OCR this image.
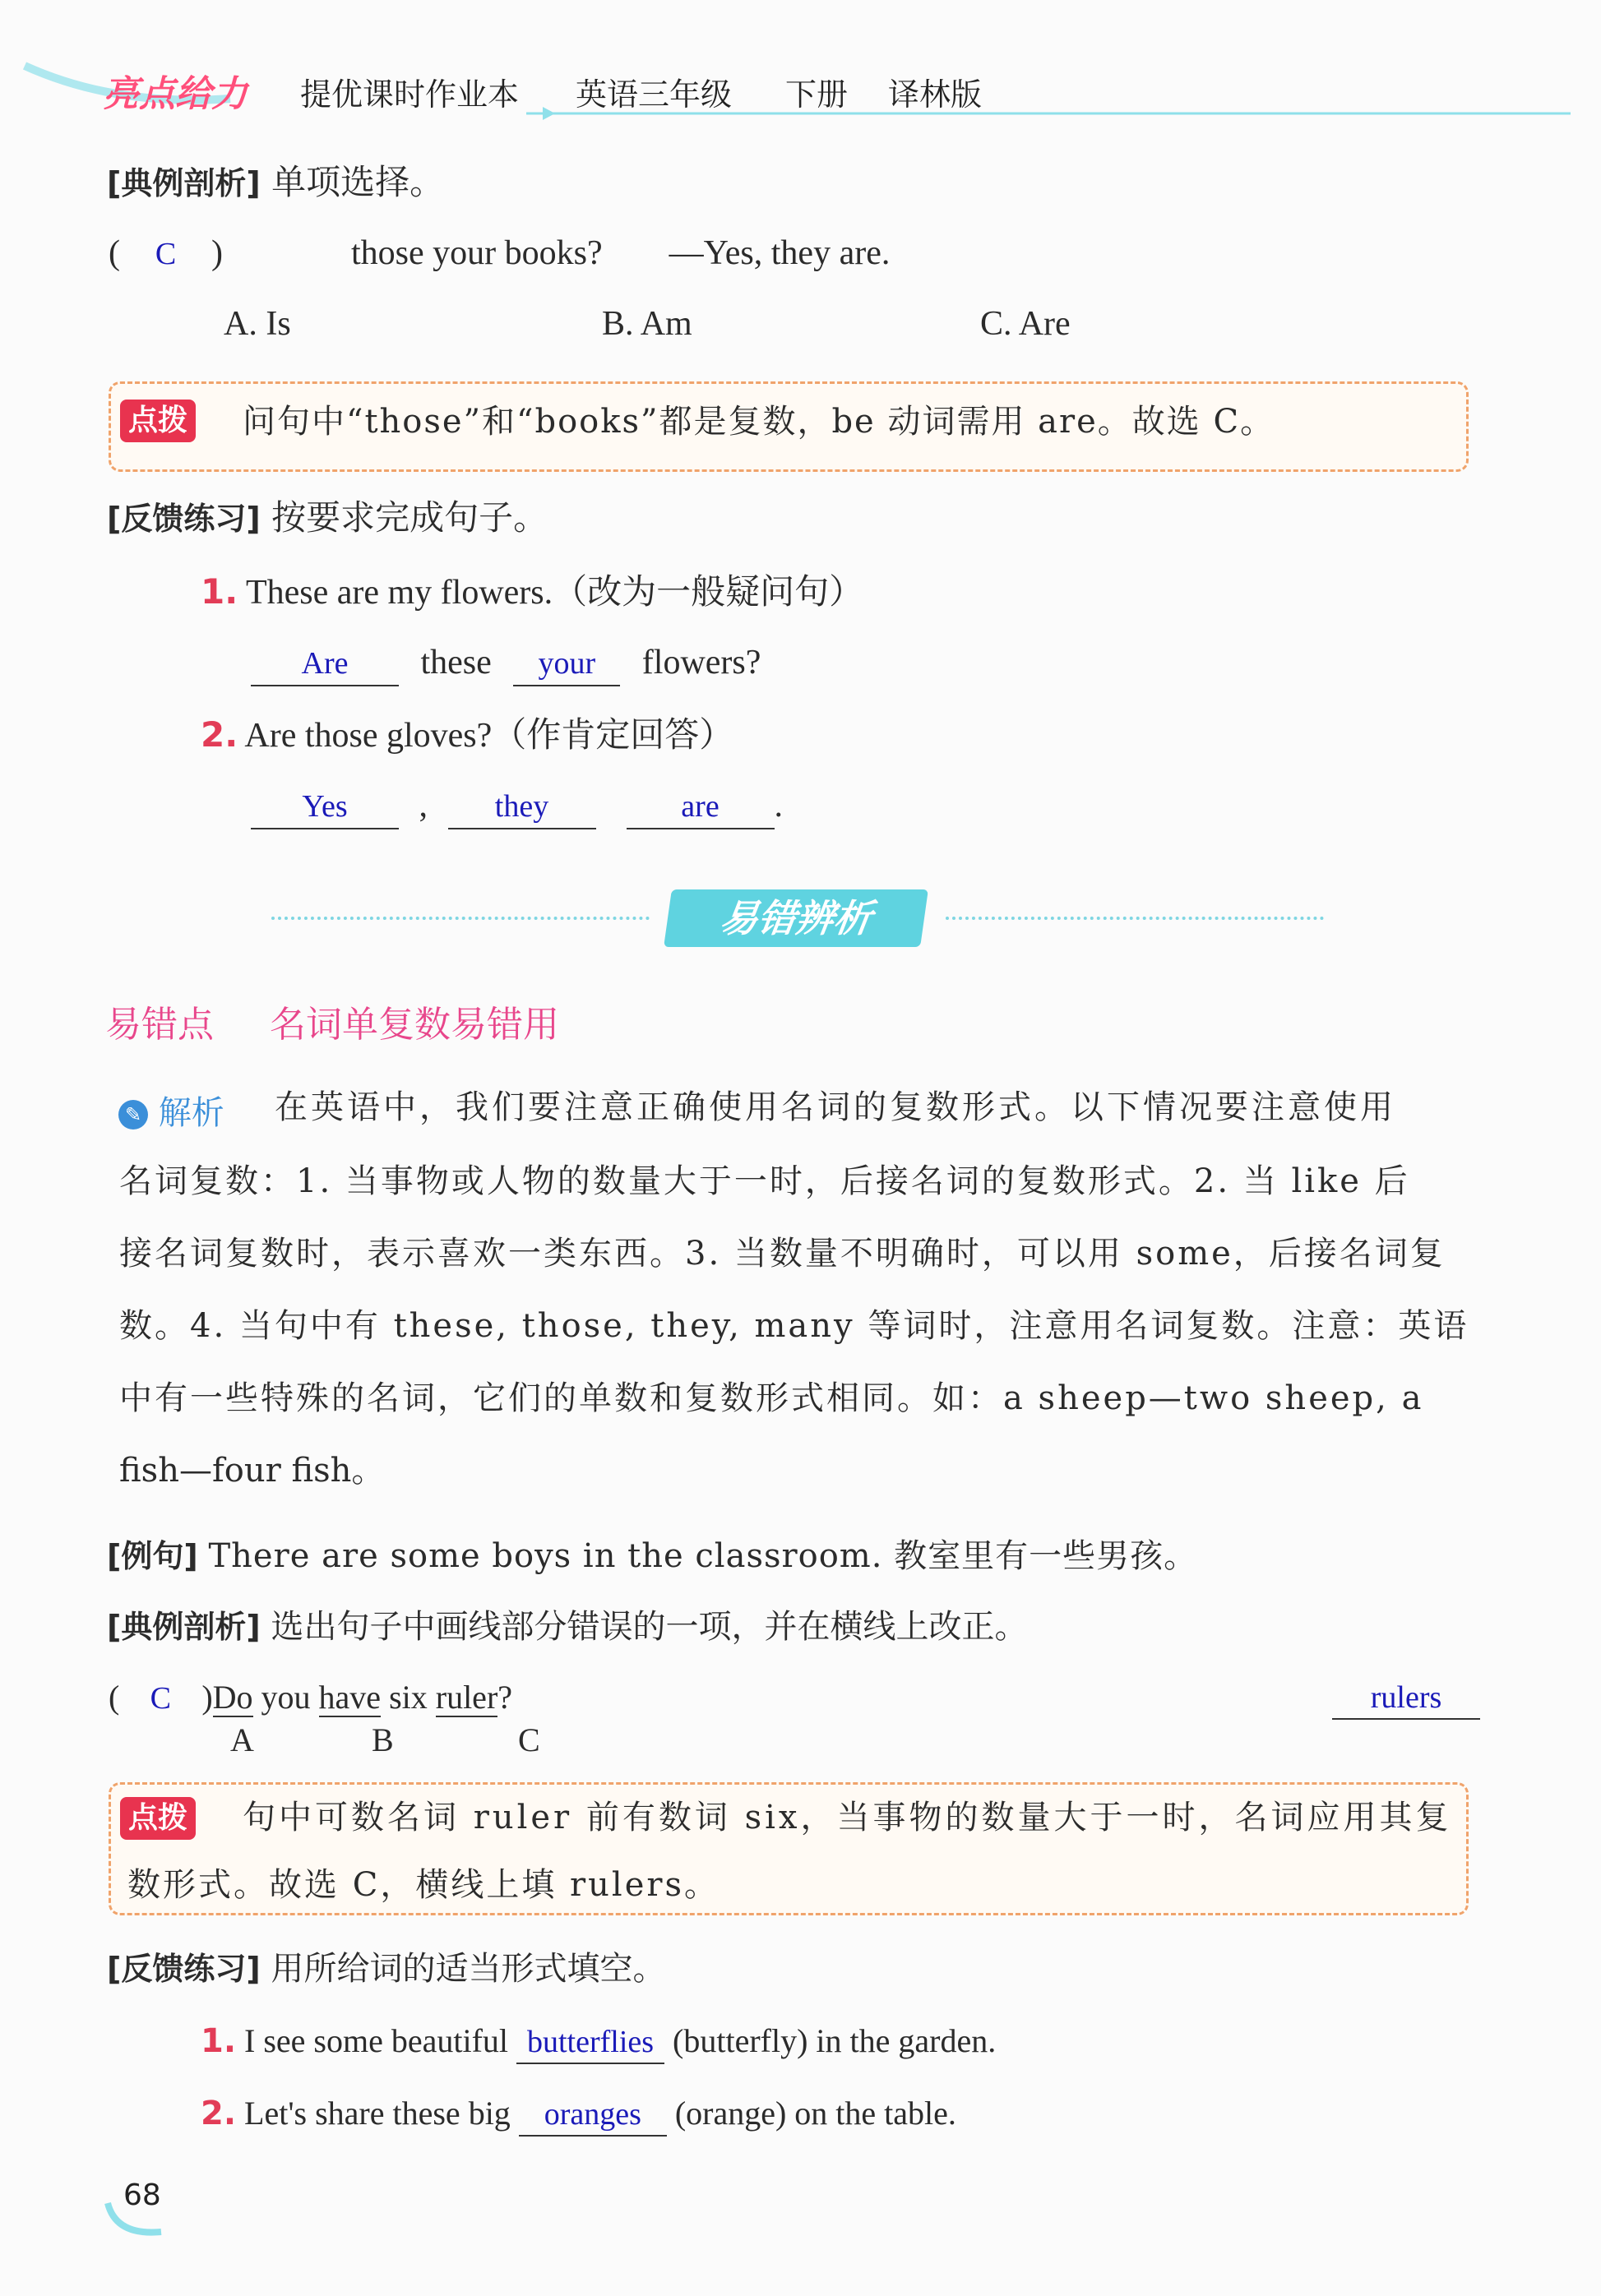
亮点给力 提优课时作业本 英语三年级 下册 译林版
[典例剖析] 单项选择。
( C )	those your books? —Yes, they are.
A. Is	B. Am	C. Are
点拨 问句中“those”和“books”都是复数，be 动词需用 are。故选 C。
[反馈练习] 按要求完成句子。
1. These are my flowers.（改为一般疑问句）
Are these your flowers?
2. Are those gloves?（作肯定回答）
Yes , they	are .
易错辨析
易错点 名词单复数易错用
✎ 解析 在英语中，我们要注意正确使用名词的复数形式。以下情况要注意使用
名词复数：1. 当事物或人物的数量大于一时，后接名词的复数形式。2. 当 like 后
接名词复数时，表示喜欢一类东西。3. 当数量不明确时，可以用 some，后接名词复
数。4. 当句中有 these, those, they, many 等词时，注意用名词复数。注意：英语
中有一些特殊的名词，它们的单数和复数形式相同。如：a sheep—two sheep, a
fish—four fish。
[例句] There are some boys in the classroom. 教室里有一些男孩。
[典例剖析] 选出句子中画线部分错误的一项，并在横线上改正。
( C )Do you have six ruler?
A	B	C
rulers
点拨 句中可数名词 ruler 前有数词 six，当事物的数量大于一时，名词应用其复
数形式。故选 C，横线上填 rulers。
[反馈练习] 用所给词的适当形式填空。
1. I see some beautiful butterflies (butterfly) in the garden.
2. Let's share these big oranges (orange) on the table.
68
